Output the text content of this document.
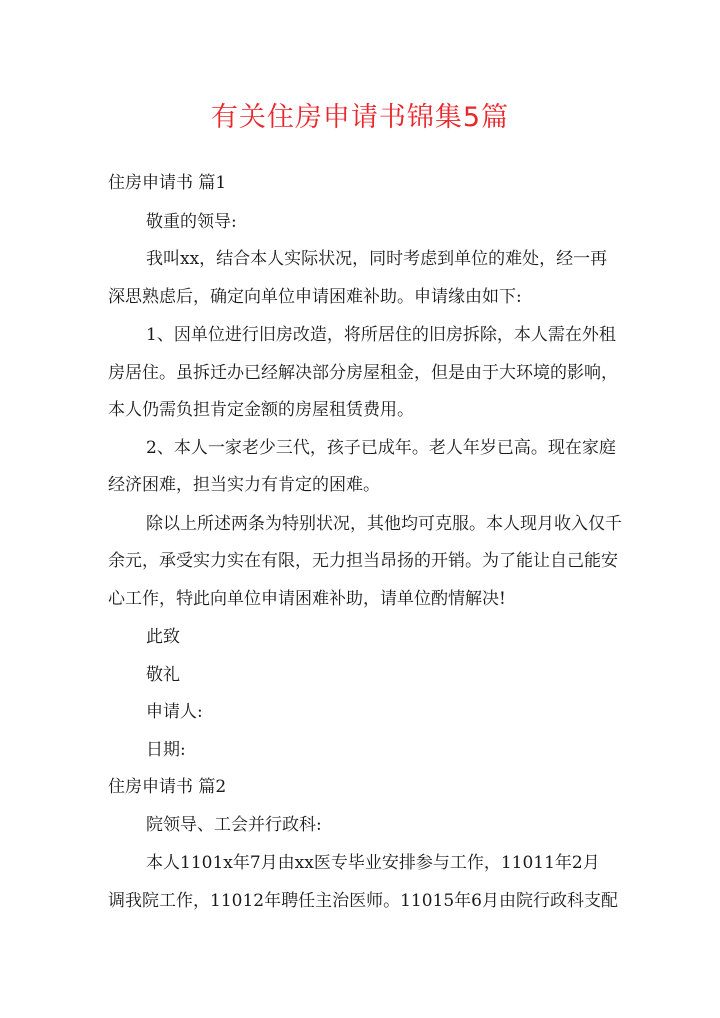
有关住房申请书锦集5篇

住房申请书 篇1

敬重的领导:

我叫xx，结合本人实际状况，同时考虑到单位的难处，经一再

深思熟虑后，确定向单位申请困难补助。申请缘由如下:

1、因单位进行旧房改造，将所居住的旧房拆除，本人需在外租

房居住。虽拆迁办已经解决部分房屋租金，但是由于大环境的影响，

本人仍需负担肯定金额的房屋租赁费用。

2、本人一家老少三代，孩子已成年。老人年岁已高。现在家庭

经济困难，担当实力有肯定的困难。

除以上所述两条为特别状况，其他均可克服。本人现月收入仅千

余元，承受实力实在有限，无力担当昂扬的开销。为了能让自己能安

心工作，特此向单位申请困难补助，请单位酌情解决!

此致

敬礼

申请人:

日期:

住房申请书 篇2

院领导、工会并行政科:

本人1101x年7月由xx医专毕业安排参与工作，11011年2月

调我院工作，11012年聘任主治医师。11015年6月由院行政科支配
